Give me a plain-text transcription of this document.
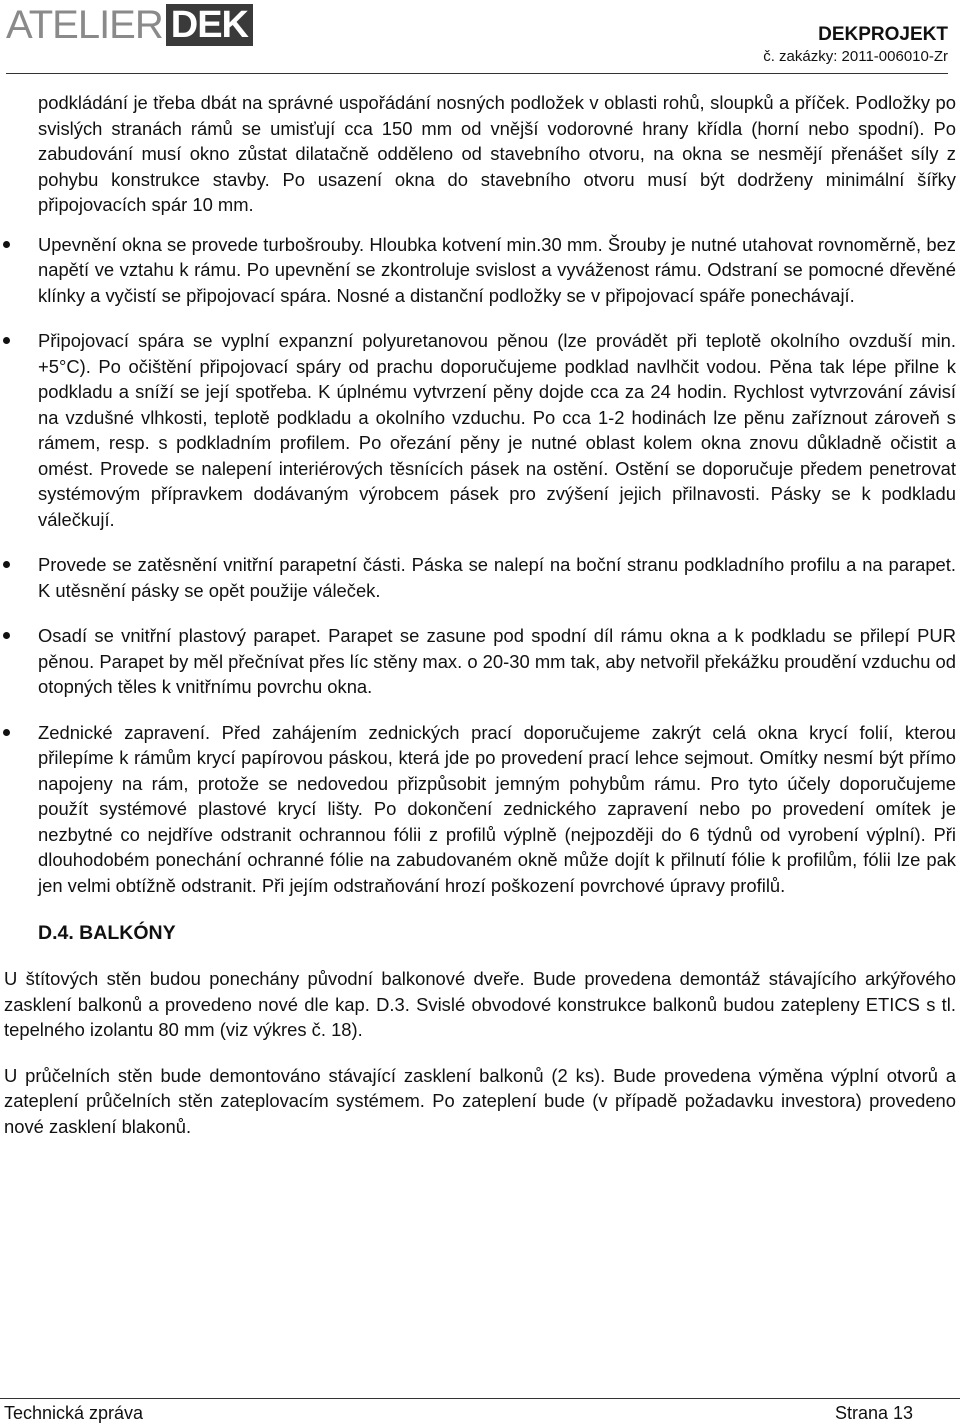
ATELIER DEK	DEKPROJEKT
č. zakázky: 2011-006010-Zr

podkládání je třeba dbát na správné uspořádání nosných podložek v oblasti rohů, sloupků a příček. Podložky po svislých stranách rámů se umisťují cca 150 mm od vnější vodorovné hrany křídla (horní nebo spodní). Po zabudování musí okno zůstat dilatačně odděleno od stavebního otvoru, na okna se nesmějí přenášet síly z pohybu konstrukce stavby. Po usazení okna do stavebního otvoru musí být dodrženy minimální šířky připojovacích spár 10 mm.

Upevnění okna se provede turbošrouby. Hloubka kotvení min.30 mm. Šrouby je nutné utahovat rovnoměrně, bez napětí ve vztahu k rámu. Po upevnění se zkontroluje svislost a vyváženost rámu. Odstraní se pomocné dřevěné klínky a vyčistí se připojovací spára. Nosné a distanční podložky se v připojovací spáře ponechávají.

Připojovací spára se vyplní expanzní polyuretanovou pěnou (lze provádět při teplotě okolního ovzduší min. +5°C). Po očištění připojovací spáry od prachu doporučujeme podklad navlhčit vodou. Pěna tak lépe přilne k podkladu a sníží se její spotřeba. K úplnému vytvrzení pěny dojde cca za 24 hodin. Rychlost vytvrzování závisí na vzdušné vlhkosti, teplotě podkladu a okolního vzduchu. Po cca 1-2 hodinách lze pěnu zaříznout zároveň s rámem, resp. s podkladním profilem. Po ořezání pěny je nutné oblast kolem okna znovu důkladně očistit a omést. Provede se nalepení interiérových těsnících pásek na ostění. Ostění se doporučuje předem penetrovat systémovým přípravkem dodávaným výrobcem pásek pro zvýšení jejich přilnavosti. Pásky se k podkladu válečkují.

Provede se zatěsnění vnitřní parapetní části. Páska se nalepí na boční stranu podkladního profilu a na parapet. K utěsnění pásky se opět použije váleček.

Osadí se vnitřní plastový parapet. Parapet se zasune pod spodní díl rámu okna a k podkladu se přilepí PUR pěnou. Parapet by měl přečnívat přes líc stěny max. o 20-30 mm tak, aby netvořil překážku proudění vzduchu od otopných těles k vnitřnímu povrchu okna.

Zednické zapravení. Před zahájením zednických prací doporučujeme zakrýt celá okna krycí folií, kterou přilepíme k rámům krycí papírovou páskou, která jde po provedení prací lehce sejmout. Omítky nesmí být přímo napojeny na rám, protože se nedovedou přizpůsobit jemným pohybům rámu. Pro tyto účely doporučujeme použít systémové plastové krycí lišty. Po dokončení zednického zapravení nebo po provedení omítek je nezbytné co nejdříve odstranit ochrannou fólii z profilů výplně (nejpozději do 6 týdnů od vyrobení výplní). Při dlouhodobém ponechání ochranné fólie na zabudovaném okně může dojít k přilnutí fólie k profilům, fólii lze pak jen velmi obtížně odstranit. Při jejím odstraňování hrozí poškození povrchové úpravy profilů.

D.4. BALKÓNY

U štítových stěn budou ponechány původní balkonové dveře. Bude provedena demontáž stávajícího arkýřového zasklení balkonů a provedeno nové dle kap. D.3. Svislé obvodové konstrukce balkonů budou zatepleny ETICS s tl. tepelného izolantu 80 mm (viz výkres č. 18).

U průčelních stěn bude demontováno stávající zasklení balkonů (2 ks). Bude provedena výměna výplní otvorů a zateplení průčelních stěn zateplovacím systémem. Po zateplení bude (v případě požadavku investora) provedeno nové zasklení blakonů.

Technická zpráva	Strana 13
